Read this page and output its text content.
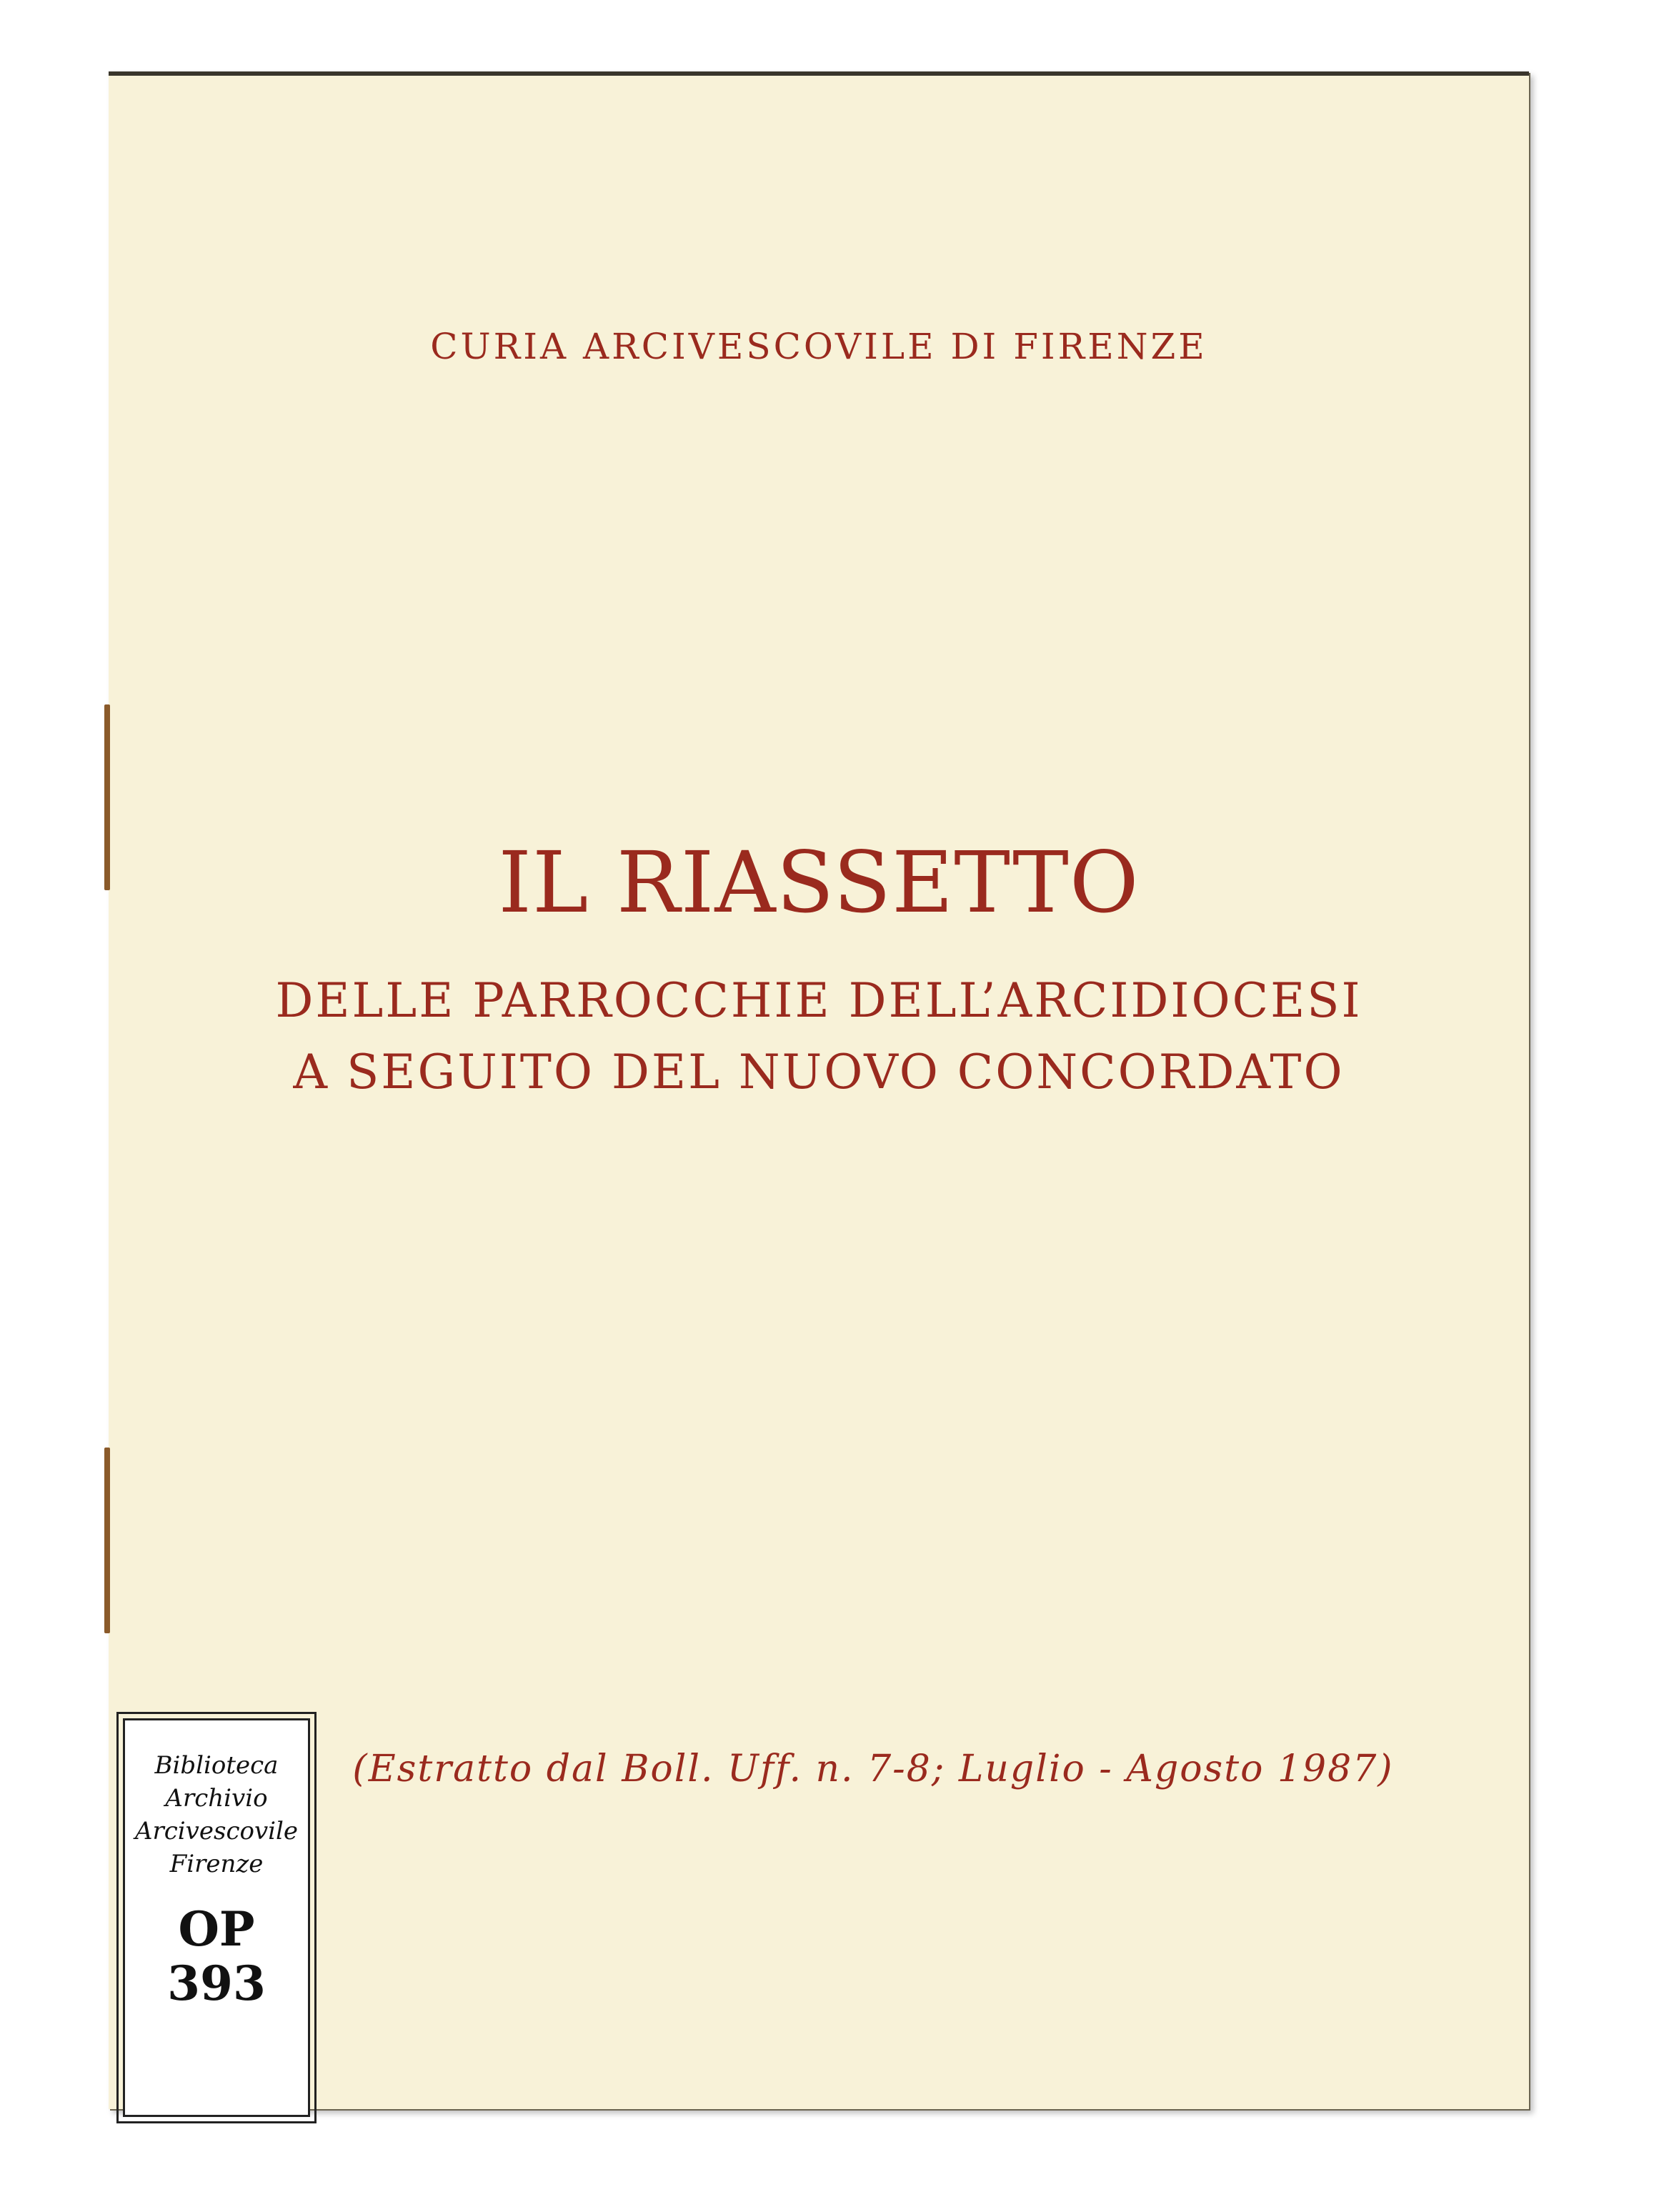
CURIA ARCIVESCOVILE DI FIRENZE
IL RIASSETTO
DELLE PARROCCHIE DELL’ARCIDIOCESI
A SEGUITO DEL NUOVO CONCORDATO
(Estratto dal Boll. Uff. n. 7-8; Luglio - Agosto 1987)
Biblioteca
Archivio
Arcivescovile
Firenze
OP
393
